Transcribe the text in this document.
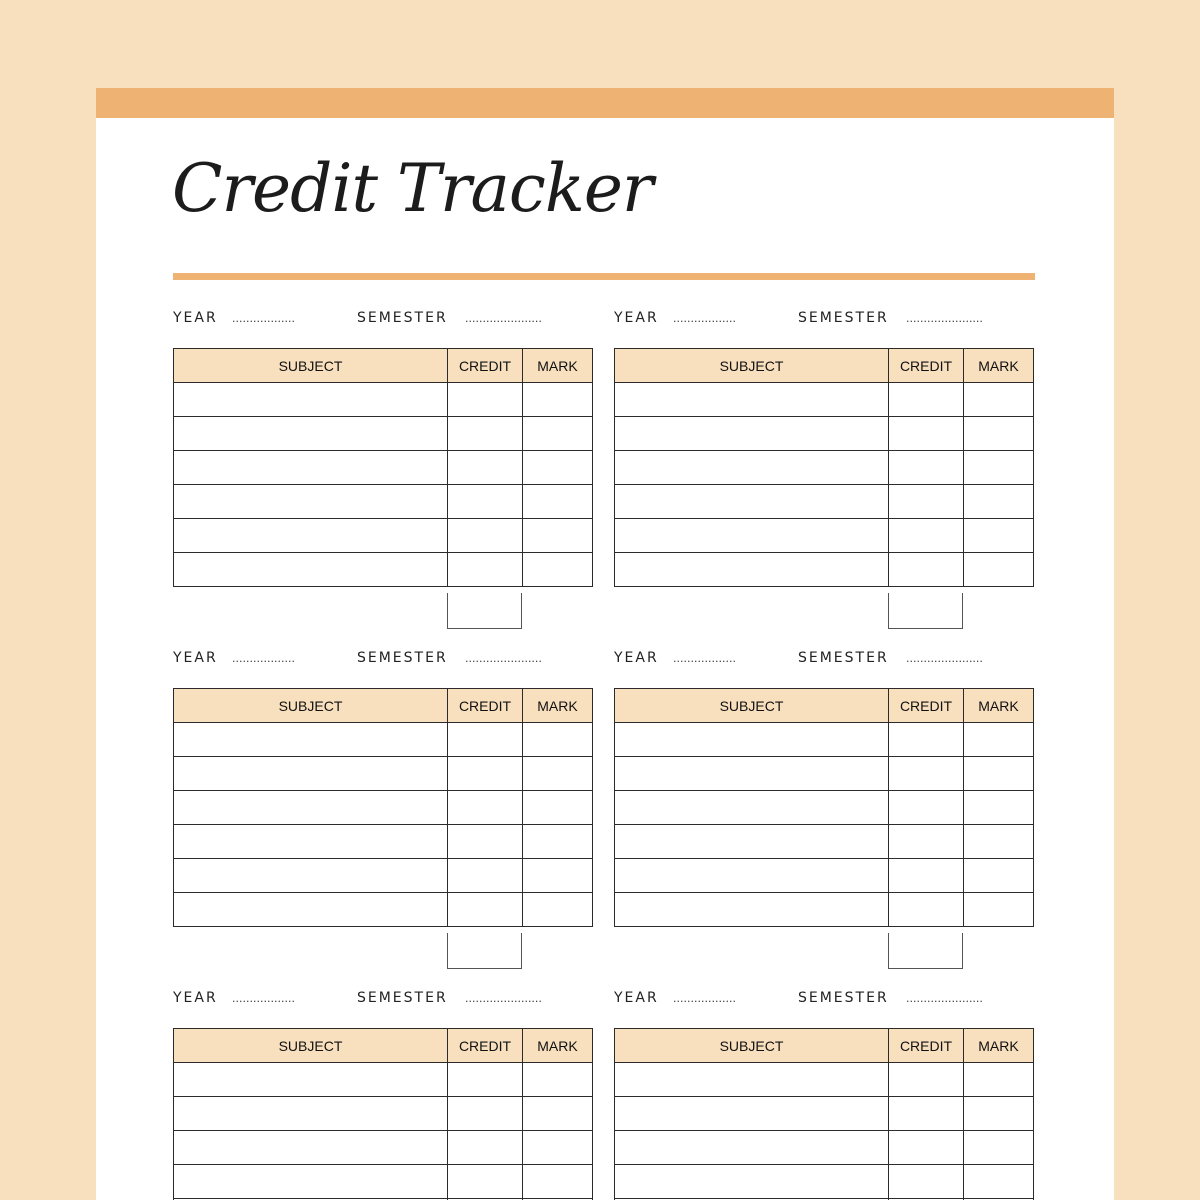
Credit Tracker
YEAR ..................	SEMESTER ......................
SUBJECT	CREDIT	MARK

YEAR ..................	SEMESTER ......................
SUBJECT	CREDIT	MARK

YEAR ..................	SEMESTER ......................
SUBJECT	CREDIT	MARK

YEAR ..................	SEMESTER ......................
SUBJECT	CREDIT	MARK

YEAR ..................	SEMESTER ......................
SUBJECT	CREDIT	MARK

YEAR ..................	SEMESTER ......................
SUBJECT	CREDIT	MARK
